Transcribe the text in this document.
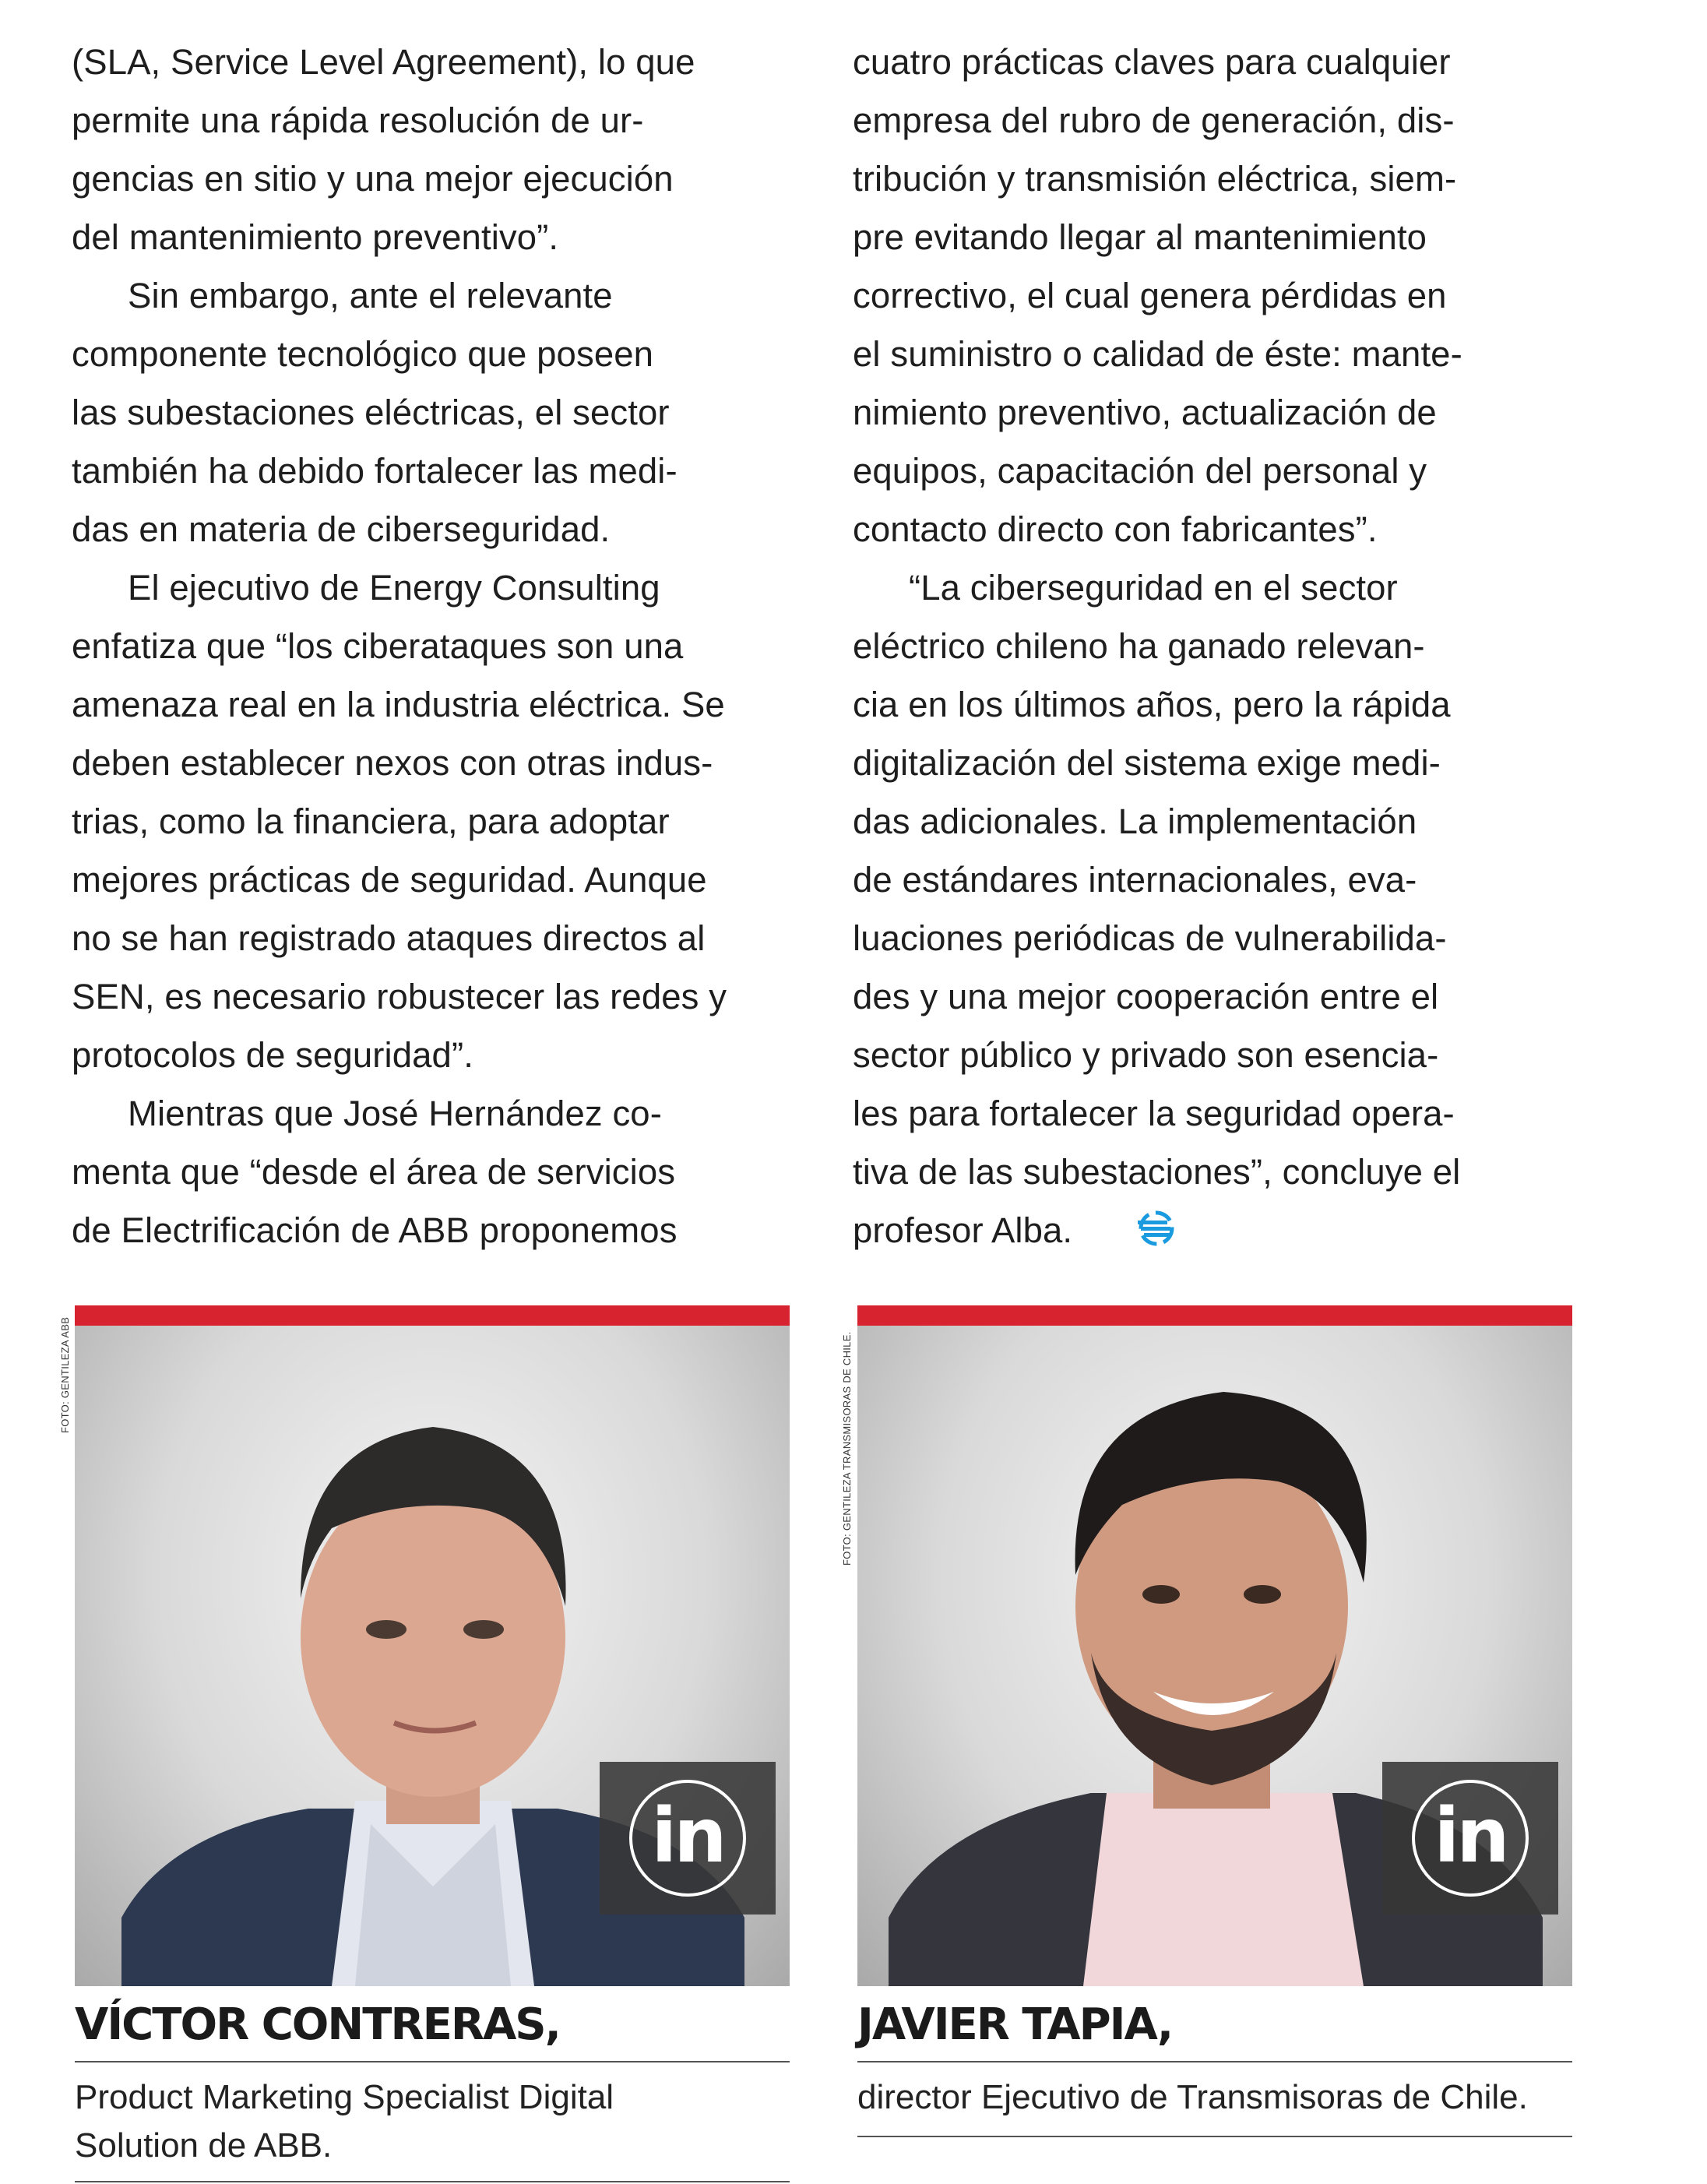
(SLA, Service Level Agreement), lo que
permite una rápida resolución de ur-
gencias en sitio y una mejor ejecución
del mantenimiento preventivo”.

Sin embargo, ante el relevante
componente tecnológico que poseen
las subestaciones eléctricas, el sector
también ha debido fortalecer las medi-
das en materia de ciberseguridad.

El ejecutivo de Energy Consulting
enfatiza que “los ciberataques son una
amenaza real en la industria eléctrica. Se
deben establecer nexos con otras indus-
trias, como la financiera, para adoptar
mejores prácticas de seguridad. Aunque
no se han registrado ataques directos al
SEN, es necesario robustecer las redes y
protocolos de seguridad”.

Mientras que José Hernández co-
menta que “desde el área de servicios
de Electrificación de ABB proponemos

cuatro prácticas claves para cualquier
empresa del rubro de generación, dis-
tribución y transmisión eléctrica, siem-
pre evitando llegar al mantenimiento
correctivo, el cual genera pérdidas en
el suministro o calidad de éste: mante-
nimiento preventivo, actualización de
equipos, capacitación del personal y
contacto directo con fabricantes”.

“La ciberseguridad en el sector
eléctrico chileno ha ganado relevan-
cia en los últimos años, pero la rápida
digitalización del sistema exige medi-
das adicionales. La implementación
de estándares internacionales, eva-
luaciones periódicas de vulnerabilida-
des y una mejor cooperación entre el
sector público y privado son esencia-
les para fortalecer la seguridad opera-
tiva de las subestaciones”, concluye el
profesor Alba.

FOTO: GENTILEZA ABB	FOTO: GENTILEZA TRANSMISORAS DE CHILE.
in
VÍCTOR CONTRERAS,
Product Marketing Specialist Digital
Solution de ABB.
in
JAVIER TAPIA,
director Ejecutivo de Transmisoras de Chile.
